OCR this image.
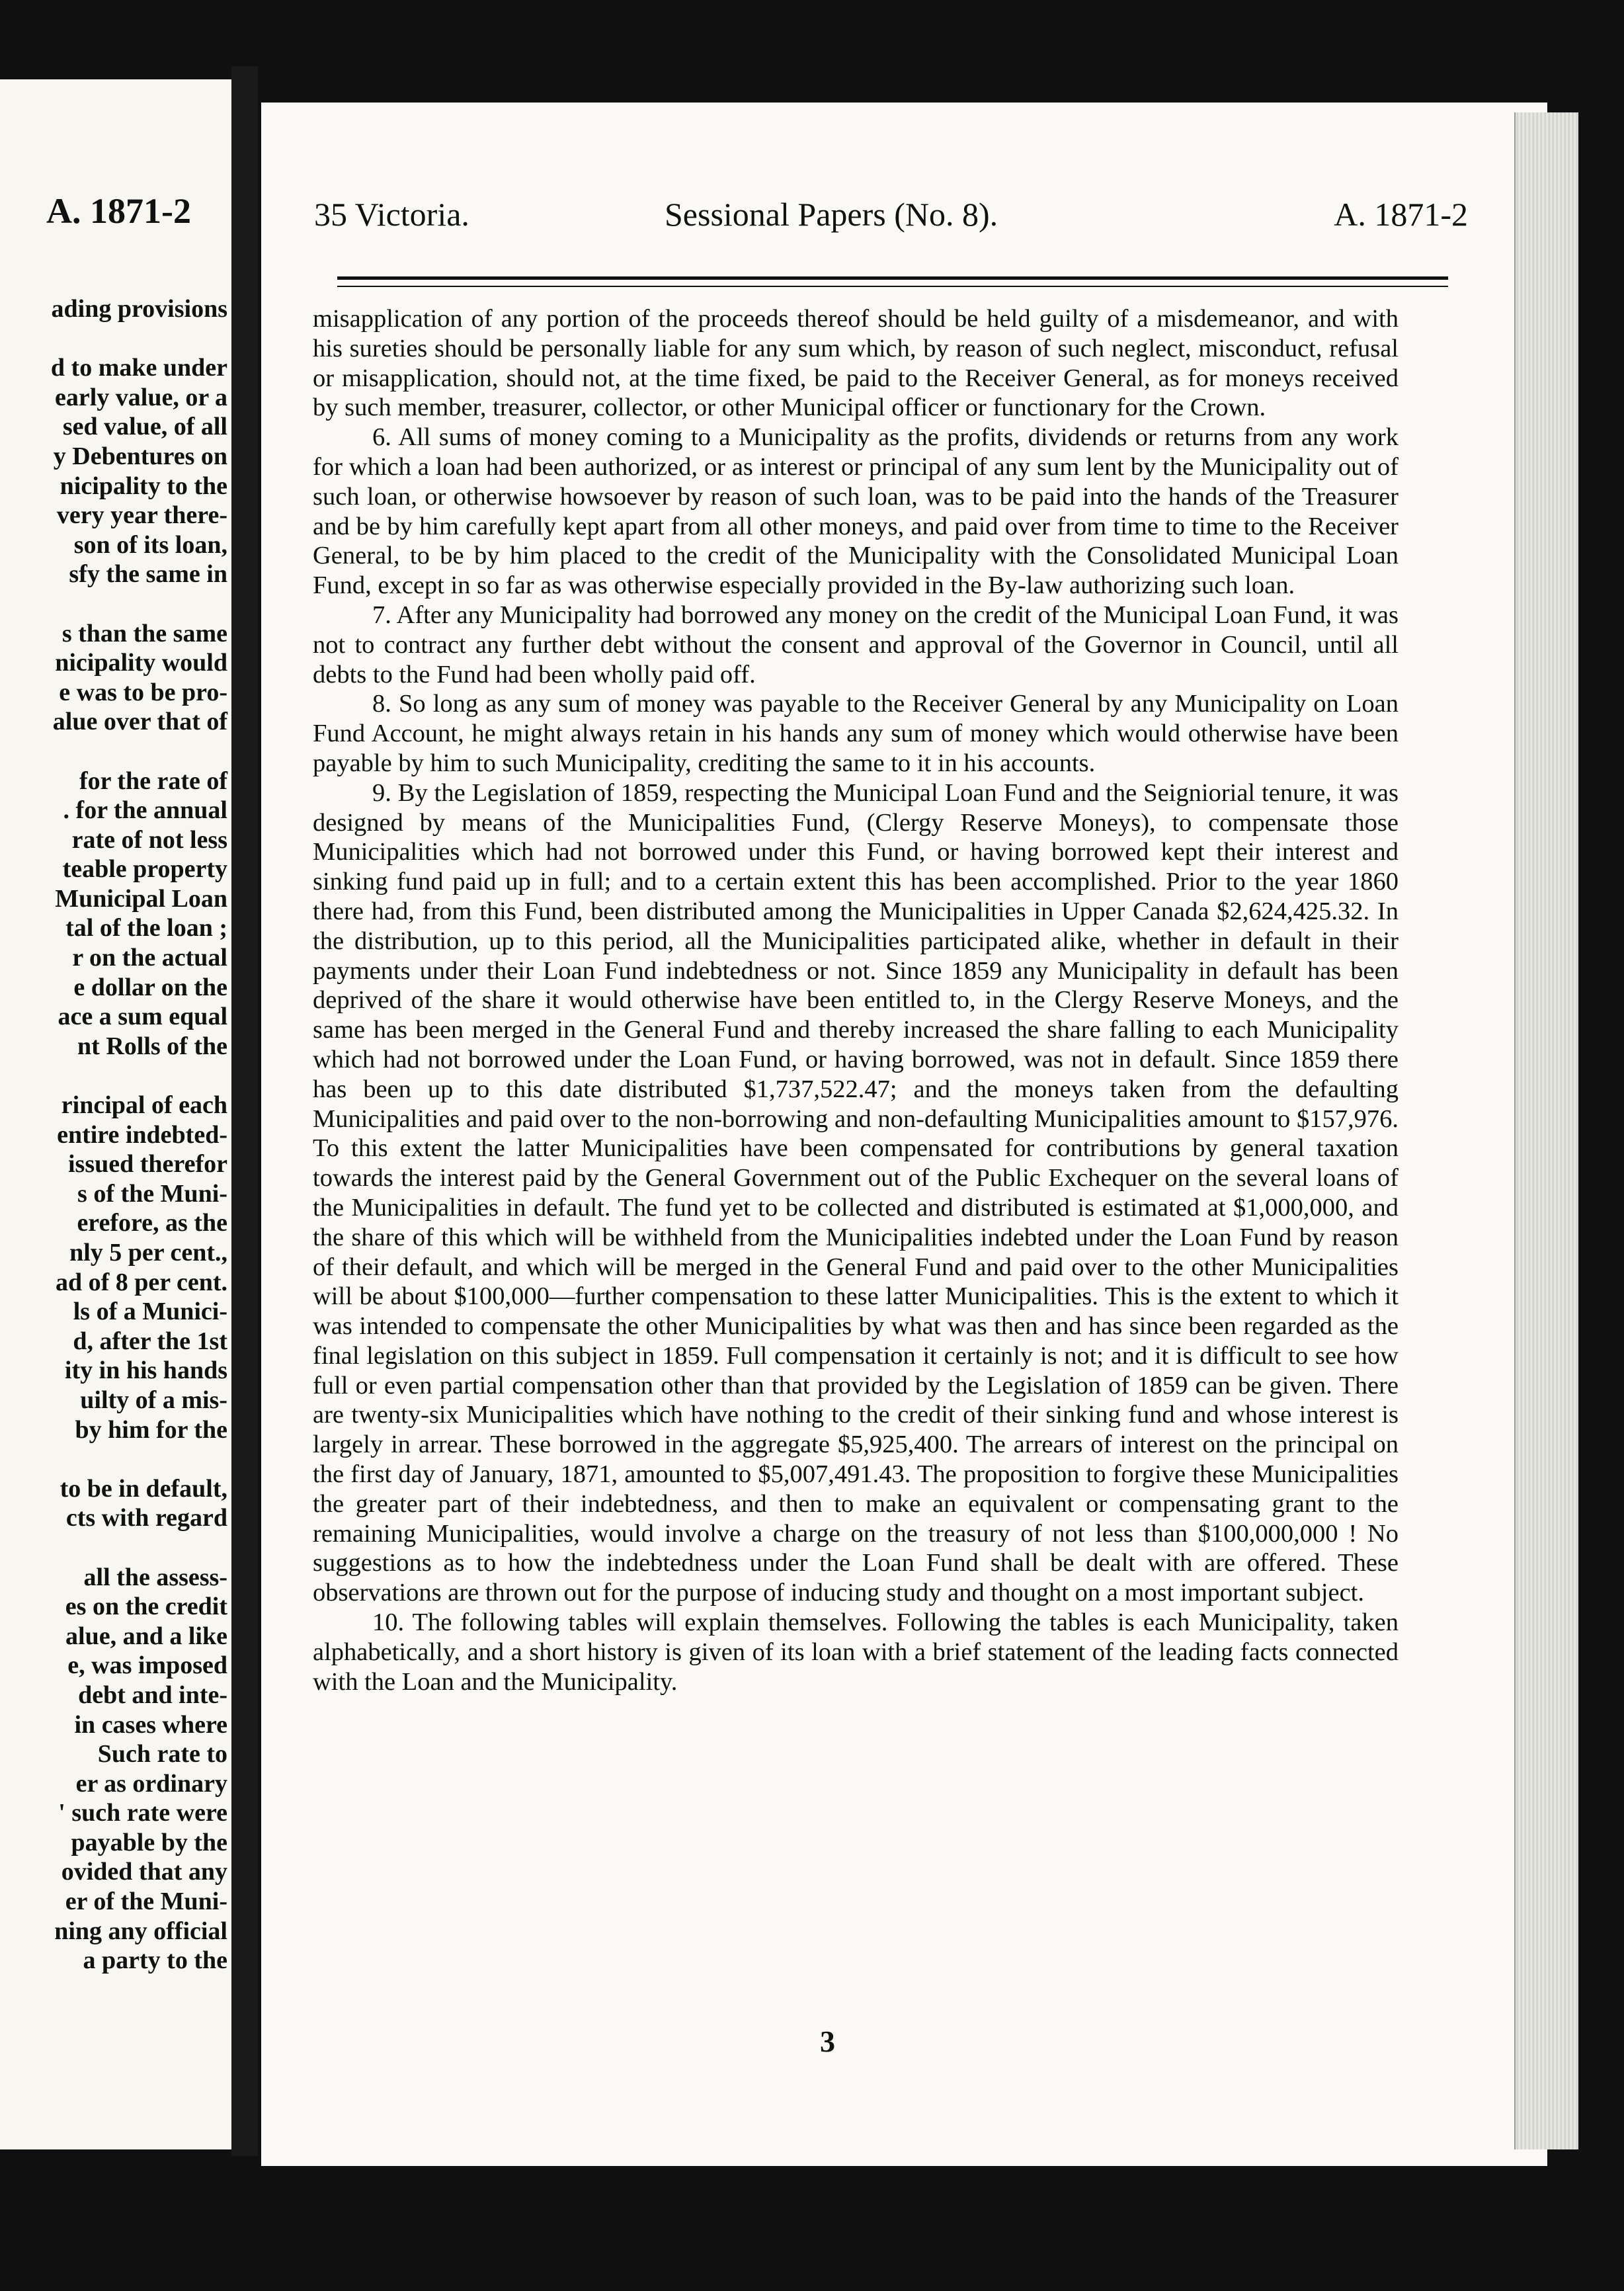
A. 1871-2
ading provisions

d to make under
early value, or a
sed value, of all
y Debentures on
nicipality to the
very year there-
son of its loan,
sfy the same in

s than the same
nicipality would
e was to be pro-
alue over that of

for the rate of
. for the annual
rate of not less
teable property
Municipal Loan
tal of the loan ;
r on the actual
e dollar on the
ace a sum equal
nt Rolls of the

rincipal of each
entire indebted-
issued therefor
s of the Muni-
erefore, as the
nly 5 per cent.,
ad of 8 per cent.
ls of a Munici-
d, after the 1st
ity in his hands
uilty of a mis-
by him for the

to be in default,
cts with regard

all the assess-
es on the credit
alue, and a like
e, was imposed
debt and inte-
in cases where
Such rate to
er as ordinary
' such rate were
payable by the
ovided that any
er of the Muni-
ning any official
a party to the
35 Victoria.	Sessional Papers (No. 8).	A. 1871-2

misapplication of any portion of the proceeds thereof should be held guilty of a misdemeanor, and with his sureties should be personally liable for any sum which, by reason of such neglect, misconduct, refusal or misapplication, should not, at the time fixed, be paid to the Receiver General, as for moneys received by such member, treasurer, collector, or other Municipal officer or functionary for the Crown.

6. All sums of money coming to a Municipality as the profits, dividends or returns from any work for which a loan had been authorized, or as interest or principal of any sum lent by the Municipality out of such loan, or otherwise howsoever by reason of such loan, was to be paid into the hands of the Treasurer and be by him carefully kept apart from all other moneys, and paid over from time to time to the Receiver General, to be by him placed to the credit of the Municipality with the Consolidated Municipal Loan Fund, except in so far as was otherwise especially provided in the By-law authorizing such loan.

7. After any Municipality had borrowed any money on the credit of the Municipal Loan Fund, it was not to contract any further debt without the consent and approval of the Governor in Council, until all debts to the Fund had been wholly paid off.

8. So long as any sum of money was payable to the Receiver General by any Municipality on Loan Fund Account, he might always retain in his hands any sum of money which would otherwise have been payable by him to such Municipality, crediting the same to it in his accounts.

9. By the Legislation of 1859, respecting the Municipal Loan Fund and the Seigniorial tenure, it was designed by means of the Municipalities Fund, (Clergy Reserve Moneys), to compensate those Municipalities which had not borrowed under this Fund, or having borrowed kept their interest and sinking fund paid up in full; and to a certain extent this has been accomplished. Prior to the year 1860 there had, from this Fund, been distributed among the Municipalities in Upper Canada $2,624,425.32. In the distribution, up to this period, all the Municipalities participated alike, whether in default in their payments under their Loan Fund indebtedness or not. Since 1859 any Municipality in default has been deprived of the share it would otherwise have been entitled to, in the Clergy Reserve Moneys, and the same has been merged in the General Fund and thereby increased the share falling to each Municipality which had not borrowed under the Loan Fund, or having borrowed, was not in default. Since 1859 there has been up to this date distributed $1,737,522.47; and the moneys taken from the defaulting Municipalities and paid over to the non-borrowing and non-defaulting Municipalities amount to $157,976. To this extent the latter Municipalities have been compensated for contributions by general taxation towards the interest paid by the General Government out of the Public Exchequer on the several loans of the Municipalities in default. The fund yet to be collected and distributed is estimated at $1,000,000, and the share of this which will be withheld from the Municipalities indebted under the Loan Fund by reason of their default, and which will be merged in the General Fund and paid over to the other Municipalities will be about $100,000—further compensation to these latter Municipalities. This is the extent to which it was intended to compensate the other Municipalities by what was then and has since been regarded as the final legislation on this subject in 1859. Full compensation it certainly is not; and it is difficult to see how full or even partial compensation other than that provided by the Legislation of 1859 can be given. There are twenty-six Municipalities which have nothing to the credit of their sinking fund and whose interest is largely in arrear. These borrowed in the aggregate $5,925,400. The arrears of interest on the principal on the first day of January, 1871, amounted to $5,007,491.43. The proposition to forgive these Municipalities the greater part of their indebtedness, and then to make an equivalent or compensating grant to the remaining Municipalities, would involve a charge on the treasury of not less than $100,000,000 ! No suggestions as to how the indebtedness under the Loan Fund shall be dealt with are offered. These observations are thrown out for the purpose of inducing study and thought on a most important subject.

10. The following tables will explain themselves. Following the tables is each Municipality, taken alphabetically, and a short history is given of its loan with a brief statement of the leading facts connected with the Loan and the Municipality.

3
